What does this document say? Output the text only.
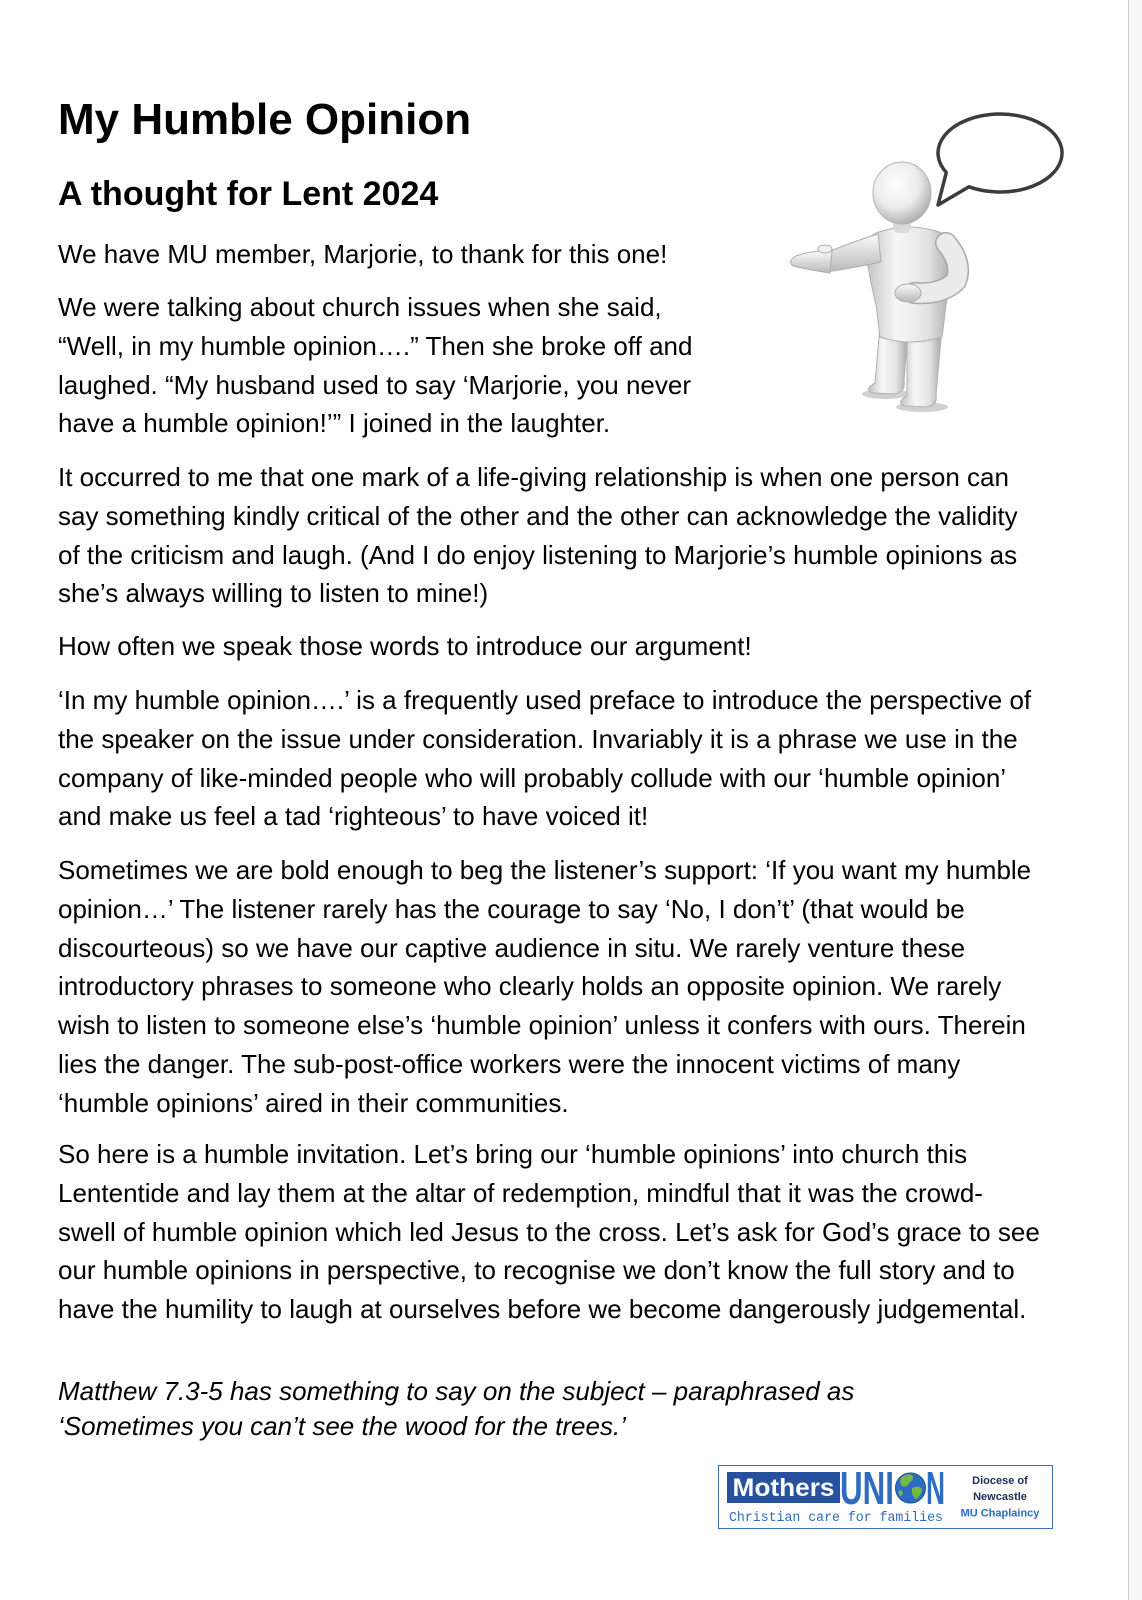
My Humble Opinion
A thought for Lent 2024
We have MU member, Marjorie, to thank for this one!
We were talking about church issues when she said,
“Well, in my humble opinion….” Then she broke off and
laughed. “My husband used to say ‘Marjorie, you never
have a humble opinion!’” I joined in the laughter.
It occurred to me that one mark of a life-giving relationship is when one person can
say something kindly critical of the other and the other can acknowledge the validity
of the criticism and laugh. (And I do enjoy listening to Marjorie’s humble opinions as
she’s always willing to listen to mine!)
How often we speak those words to introduce our argument!
‘In my humble opinion….’ is a frequently used preface to introduce the perspective of
the speaker on the issue under consideration. Invariably it is a phrase we use in the
company of like-minded people who will probably collude with our ‘humble opinion’
and make us feel a tad ‘righteous’ to have voiced it!
Sometimes we are bold enough to beg the listener’s support: ‘If you want my humble
opinion…’ The listener rarely has the courage to say ‘No, I don’t’ (that would be
discourteous) so we have our captive audience in situ. We rarely venture these
introductory phrases to someone who clearly holds an opposite opinion. We rarely
wish to listen to someone else’s ‘humble opinion’ unless it confers with ours. Therein
lies the danger. The sub-post-office workers were the innocent victims of many
‘humble opinions’ aired in their communities.
So here is a humble invitation. Let’s bring our ‘humble opinions’ into church this
Lententide and lay them at the altar of redemption, mindful that it was the crowd-
swell of humble opinion which led Jesus to the cross. Let’s ask for God’s grace to see
our humble opinions in perspective, to recognise we don’t know the full story and to
have the humility to laugh at ourselves before we become dangerously judgemental.
Matthew 7.3-5 has something to say on the subject – paraphrased as
‘Sometimes you can’t see the wood for the trees.’
Mothers UNI N
Christian care for families
Diocese of
Newcastle
MU Chaplaincy
